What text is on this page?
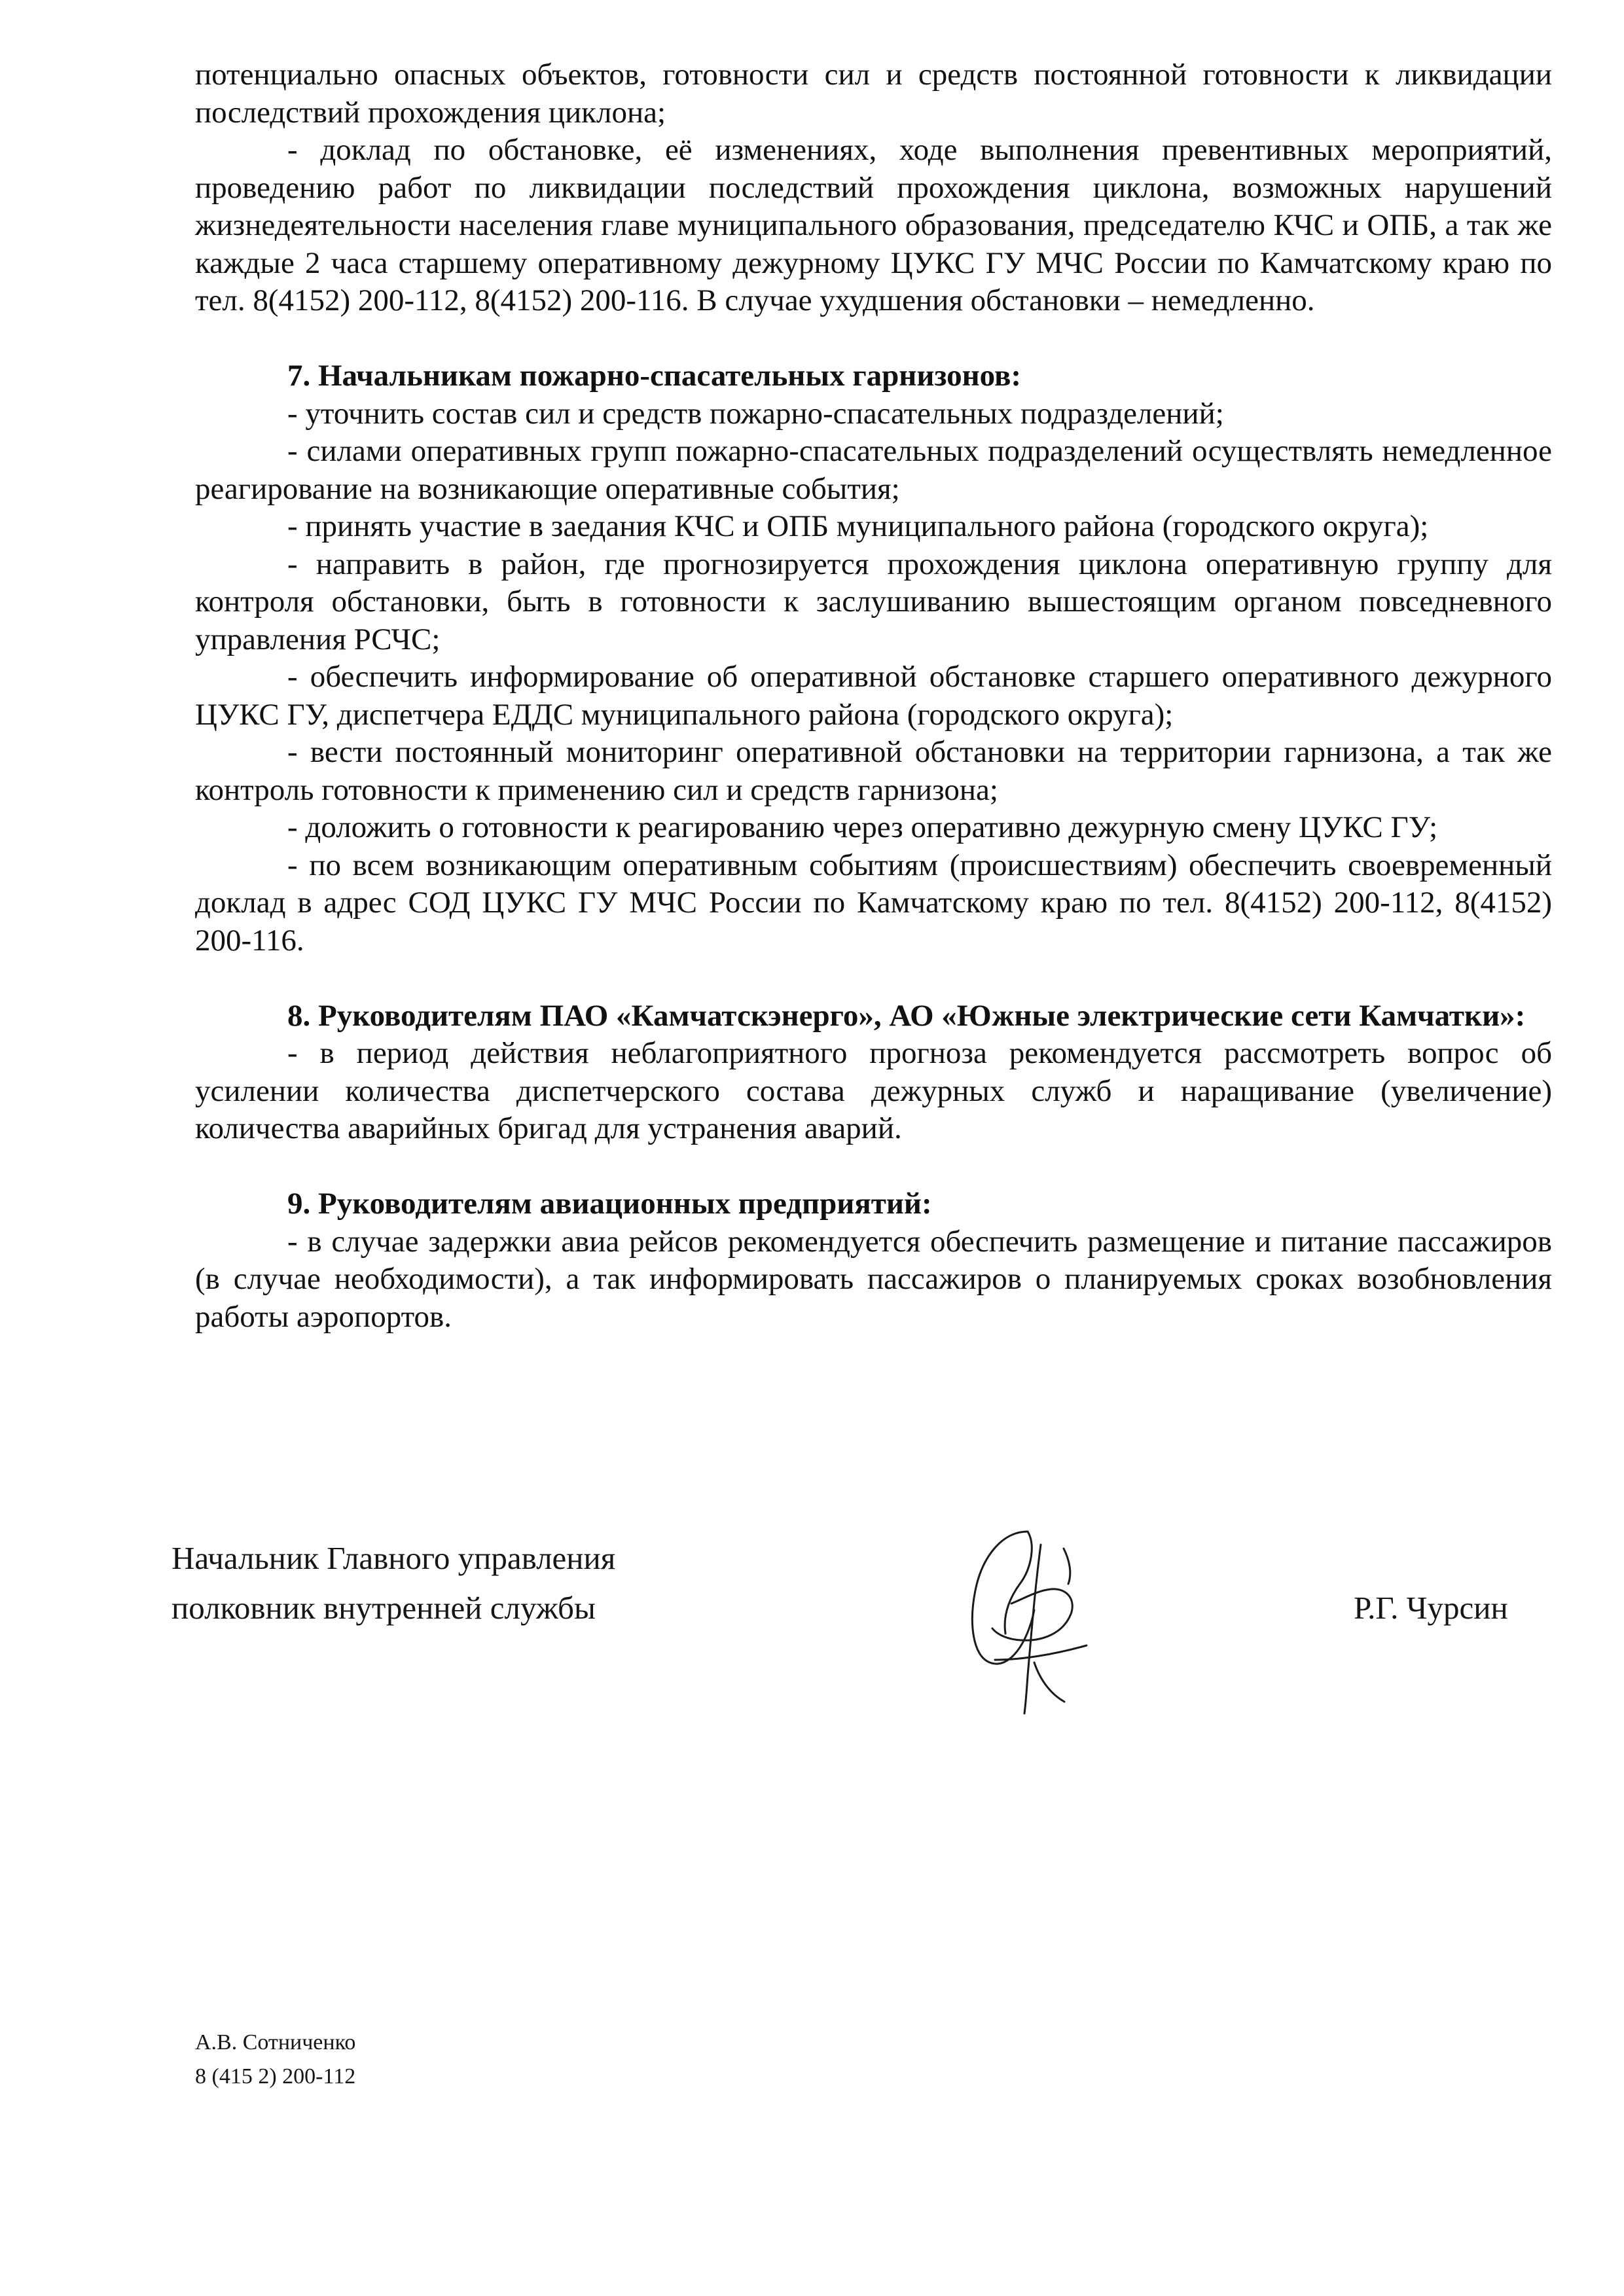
потенциально опасных объектов, готовности сил и средств постоянной готовности к ликвидации последствий прохождения циклона;

- доклад по обстановке, её изменениях, ходе выполнения превентивных мероприятий, проведению работ по ликвидации последствий прохождения циклона, возможных нарушений жизнедеятельности населения главе муниципального образования, председателю КЧС и ОПБ, а так же каждые 2 часа старшему оперативному дежурному ЦУКС ГУ МЧС России по Камчатскому краю по тел. 8(4152) 200-112, 8(4152) 200-116. В случае ухудшения обстановки – немедленно.

7. Начальникам пожарно-спасательных гарнизонов:

- уточнить состав сил и средств пожарно-спасательных подразделений;

- силами оперативных групп пожарно-спасательных подразделений осуществлять немедленное реагирование на возникающие оперативные события;

- принять участие в заедания КЧС и ОПБ муниципального района (городского округа);

- направить в район, где прогнозируется прохождения циклона оперативную группу для контроля обстановки, быть в готовности к заслушиванию вышестоящим органом повседневного управления РСЧС;

- обеспечить информирование об оперативной обстановке старшего оперативного дежурного ЦУКС ГУ, диспетчера ЕДДС муниципального района (городского округа);

- вести постоянный мониторинг оперативной обстановки на территории гарнизона, а так же контроль готовности к применению сил и средств гарнизона;

- доложить о готовности к реагированию через оперативно дежурную смену ЦУКС ГУ;

- по всем возникающим оперативным событиям (происшествиям) обеспечить своевременный доклад в адрес СОД ЦУКС ГУ МЧС России по Камчатскому краю по тел. 8(4152) 200-112, 8(4152) 200-116.

8. Руководителям ПАО «Камчатскэнерго», АО «Южные электрические сети Камчатки»:

- в период действия неблагоприятного прогноза рекомендуется рассмотреть вопрос об усилении количества диспетчерского состава дежурных служб и наращивание (увеличение) количества аварийных бригад для устранения аварий.

9. Руководителям авиационных предприятий:

- в случае задержки авиа рейсов рекомендуется обеспечить размещение и питание пассажиров (в случае необходимости), а так информировать пассажиров о планируемых сроках возобновления работы аэропортов.

Начальник Главного управления
полковник внутренней службы	Р.Г. Чурсин
А.В. Сотниченко
8 (415 2) 200-112
